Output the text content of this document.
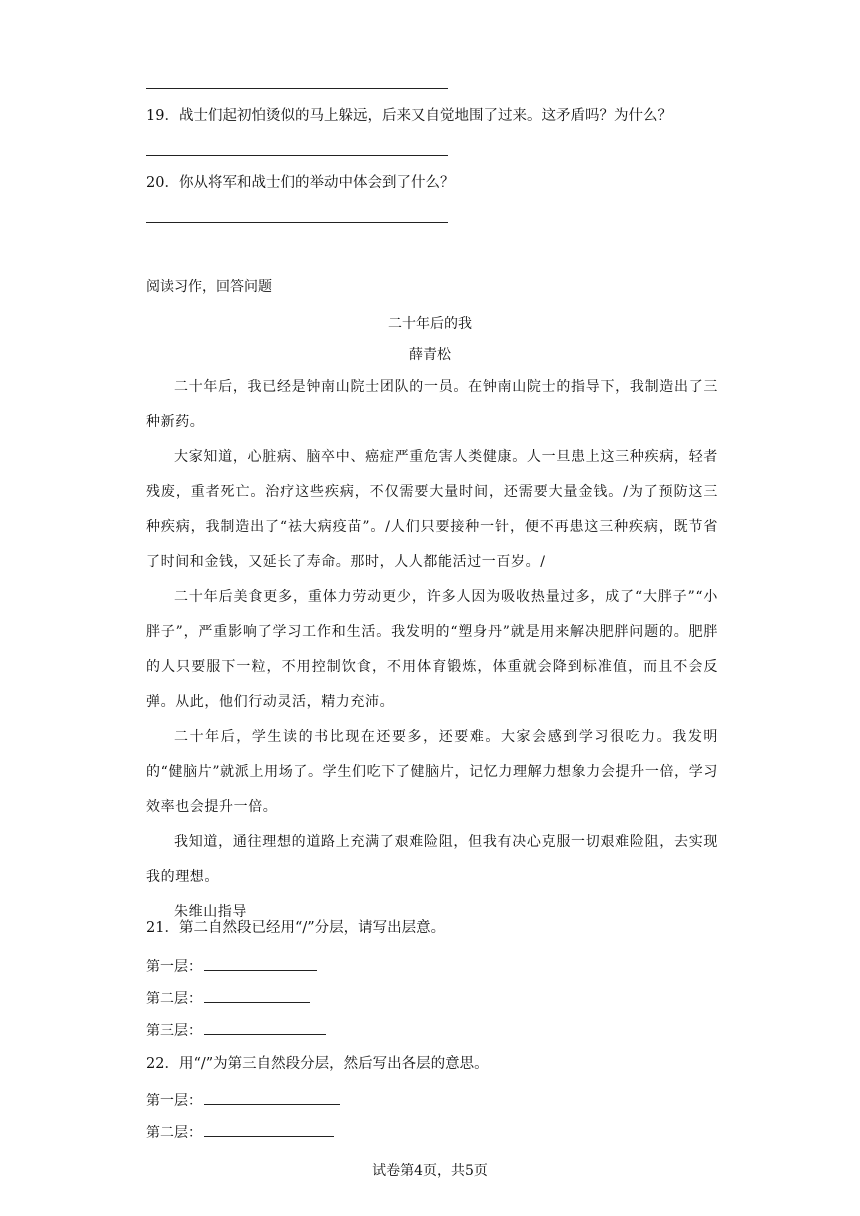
19．战士们起初怕烫似的马上躲远，后来又自觉地围了过来。这矛盾吗？为什么？
20．你从将军和战士们的举动中体会到了什么？
阅读习作，回答问题
二十年后的我
薛青松

二十年后，我已经是钟南山院士团队的一员。在钟南山院士的指导下，我制造出了三种新药。

大家知道，心脏病、脑卒中、癌症严重危害人类健康。人一旦患上这三种疾病，轻者残废，重者死亡。治疗这些疾病，不仅需要大量时间，还需要大量金钱。/为了预防这三种疾病，我制造出了“祛大病疫苗”。/人们只要接种一针，便不再患这三种疾病，既节省了时间和金钱，又延长了寿命。那时，人人都能活过一百岁。/

二十年后美食更多，重体力劳动更少，许多人因为吸收热量过多，成了“大胖子”“小胖子”，严重影响了学习工作和生活。我发明的“塑身丹”就是用来解决肥胖问题的。肥胖的人只要服下一粒，不用控制饮食，不用体育锻炼，体重就会降到标准值，而且不会反弹。从此，他们行动灵活，精力充沛。

二十年后，学生读的书比现在还要多，还要难。大家会感到学习很吃力。我发明的“健脑片”就派上用场了。学生们吃下了健脑片，记忆力理解力想象力会提升一倍，学习效率也会提升一倍。

我知道，通往理想的道路上充满了艰难险阻，但我有决心克服一切艰难险阻，去实现我的理想。

朱维山指导

21．第二自然段已经用“/”分层，请写出层意。
第一层：
第二层：
第三层：
22．用“/”为第三自然段分层，然后写出各层的意思。
第一层：
第二层：
试卷第4页，共5页
